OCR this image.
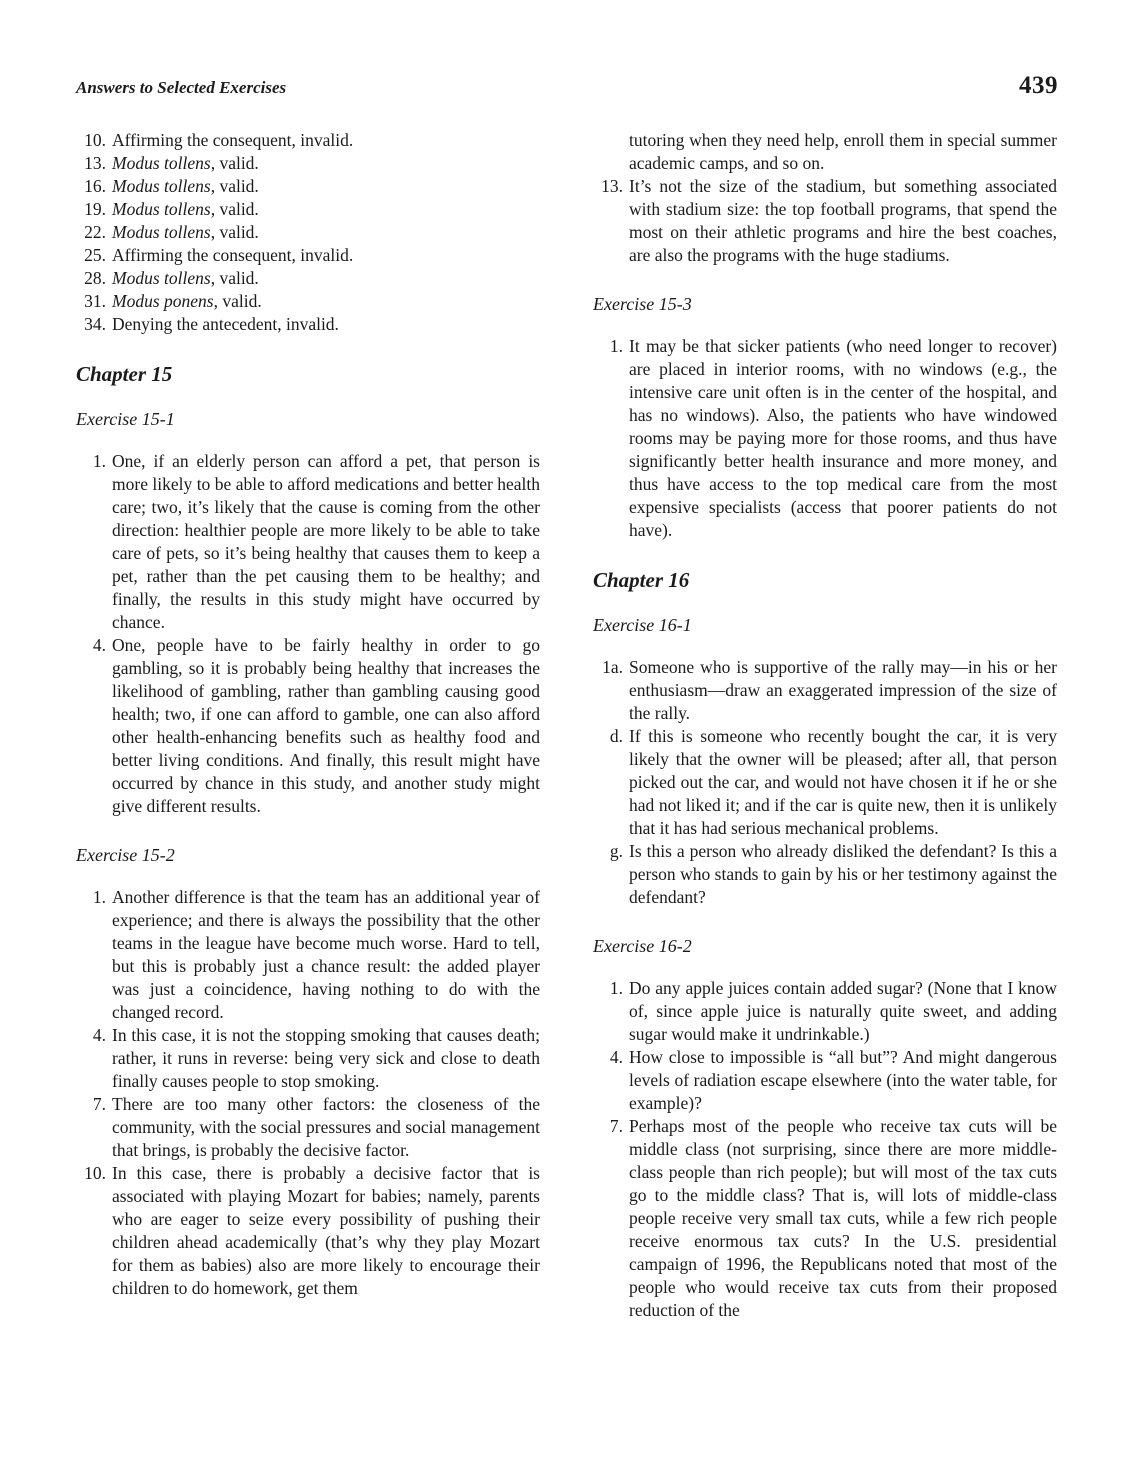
Answers to Selected Exercises	439
10. Affirming the consequent, invalid.
13. Modus tollens, valid.
16. Modus tollens, valid.
19. Modus tollens, valid.
22. Modus tollens, valid.
25. Affirming the consequent, invalid.
28. Modus tollens, valid.
31. Modus ponens, valid.
34. Denying the antecedent, invalid.
Chapter 15
Exercise 15-1
1. One, if an elderly person can afford a pet, that person is more likely to be able to afford medications and better health care; two, it’s likely that the cause is coming from the other direction: healthier people are more likely to be able to take care of pets, so it’s being healthy that causes them to keep a pet, rather than the pet causing them to be healthy; and finally, the results in this study might have occurred by chance.
4. One, people have to be fairly healthy in order to go gambling, so it is probably being healthy that increases the likelihood of gambling, rather than gambling causing good health; two, if one can afford to gamble, one can also afford other health-enhancing benefits such as healthy food and better living conditions. And finally, this result might have occurred by chance in this study, and another study might give different results.
Exercise 15-2
1. Another difference is that the team has an additional year of experience; and there is always the possibility that the other teams in the league have become much worse. Hard to tell, but this is probably just a chance result: the added player was just a coincidence, having nothing to do with the changed record.
4. In this case, it is not the stopping smoking that causes death; rather, it runs in reverse: being very sick and close to death finally causes people to stop smoking.
7. There are too many other factors: the closeness of the community, with the social pressures and social management that brings, is probably the decisive factor.
10. In this case, there is probably a decisive factor that is associated with playing Mozart for babies; namely, parents who are eager to seize every possibility of pushing their children ahead academically (that’s why they play Mozart for them as babies) also are more likely to encourage their children to do homework, get them
tutoring when they need help, enroll them in special summer academic camps, and so on.
13. It’s not the size of the stadium, but something associated with stadium size: the top football programs, that spend the most on their athletic programs and hire the best coaches, are also the programs with the huge stadiums.
Exercise 15-3
1. It may be that sicker patients (who need longer to recover) are placed in interior rooms, with no windows (e.g., the intensive care unit often is in the center of the hospital, and has no windows). Also, the patients who have windowed rooms may be paying more for those rooms, and thus have significantly better health insurance and more money, and thus have access to the top medical care from the most expensive specialists (access that poorer patients do not have).
Chapter 16
Exercise 16-1
1a. Someone who is supportive of the rally may—in his or her enthusiasm—draw an exaggerated impression of the size of the rally.
d. If this is someone who recently bought the car, it is very likely that the owner will be pleased; after all, that person picked out the car, and would not have chosen it if he or she had not liked it; and if the car is quite new, then it is unlikely that it has had serious mechanical problems.
g. Is this a person who already disliked the defendant? Is this a person who stands to gain by his or her testimony against the defendant?
Exercise 16-2
1. Do any apple juices contain added sugar? (None that I know of, since apple juice is naturally quite sweet, and adding sugar would make it undrinkable.)
4. How close to impossible is “all but”? And might dangerous levels of radiation escape elsewhere (into the water table, for example)?
7. Perhaps most of the people who receive tax cuts will be middle class (not surprising, since there are more middle-class people than rich people); but will most of the tax cuts go to the middle class? That is, will lots of middle-class people receive very small tax cuts, while a few rich people receive enormous tax cuts? In the U.S. presidential campaign of 1996, the Republicans noted that most of the people who would receive tax cuts from their proposed reduction of the
